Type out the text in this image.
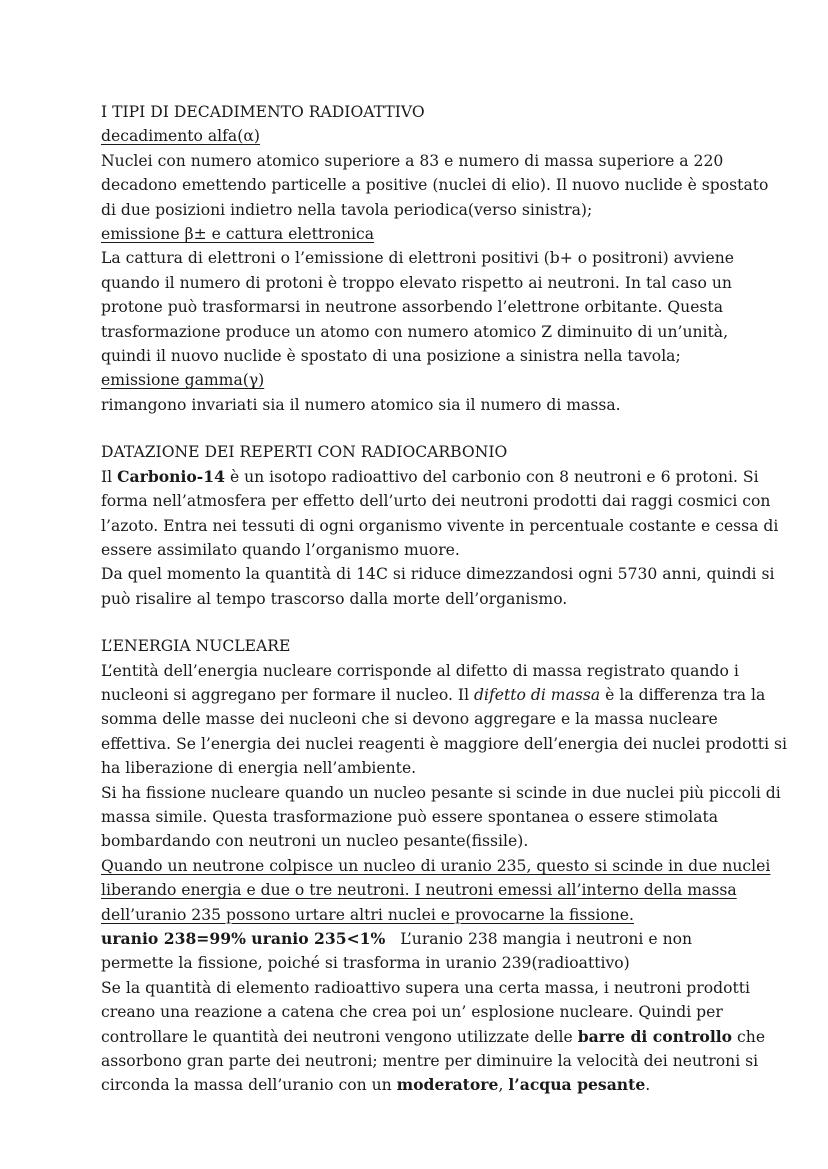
I TIPI DI DECADIMENTO RADIOATTIVO
decadimento alfa(α)
Nuclei con numero atomico superiore a 83 e numero di massa superiore a 220
decadono emettendo particelle a positive (nuclei di elio). Il nuovo nuclide è spostato
di due posizioni indietro nella tavola periodica(verso sinistra);
emissione β± e cattura elettronica
La cattura di elettroni o l’emissione di elettroni positivi (b+ o positroni) avviene
quando il numero di protoni è troppo elevato rispetto ai neutroni. In tal caso un
protone può trasformarsi in neutrone assorbendo l’elettrone orbitante. Questa
trasformazione produce un atomo con numero atomico Z diminuito di un’unità,
quindi il nuovo nuclide è spostato di una posizione a sinistra nella tavola;
emissione gamma(γ)
rimangono invariati sia il numero atomico sia il numero di massa.
DATAZIONE DEI REPERTI CON RADIOCARBONIO
Il Carbonio-14 è un isotopo radioattivo del carbonio con 8 neutroni e 6 protoni. Si
forma nell’atmosfera per effetto dell’urto dei neutroni prodotti dai raggi cosmici con
l’azoto. Entra nei tessuti di ogni organismo vivente in percentuale costante e cessa di
essere assimilato quando l’organismo muore.
Da quel momento la quantità di 14C si riduce dimezzandosi ogni 5730 anni, quindi si
può risalire al tempo trascorso dalla morte dell’organismo.
L’ENERGIA NUCLEARE
L’entità dell’energia nucleare corrisponde al difetto di massa registrato quando i
nucleoni si aggregano per formare il nucleo. Il difetto di massa è la differenza tra la
somma delle masse dei nucleoni che si devono aggregare e la massa nucleare
effettiva. Se l’energia dei nuclei reagenti è maggiore dell’energia dei nuclei prodotti si
ha liberazione di energia nell’ambiente.
Si ha fissione nucleare quando un nucleo pesante si scinde in due nuclei più piccoli di
massa simile. Questa trasformazione può essere spontanea o essere stimolata
bombardando con neutroni un nucleo pesante(fissile).
Quando un neutrone colpisce un nucleo di uranio 235, questo si scinde in due nuclei
liberando energia e due o tre neutroni. I neutroni emessi all’interno della massa
dell’uranio 235 possono urtare altri nuclei e provocarne la fissione.
uranio 238=99% uranio 235<1%   L’uranio 238 mangia i neutroni e non
permette la fissione, poiché si trasforma in uranio 239(radioattivo)
Se la quantità di elemento radioattivo supera una certa massa, i neutroni prodotti
creano una reazione a catena che crea poi un’ esplosione nucleare. Quindi per
controllare le quantità dei neutroni vengono utilizzate delle barre di controllo che
assorbono gran parte dei neutroni; mentre per diminuire la velocità dei neutroni si
circonda la massa dell’uranio con un moderatore, l’acqua pesante.
